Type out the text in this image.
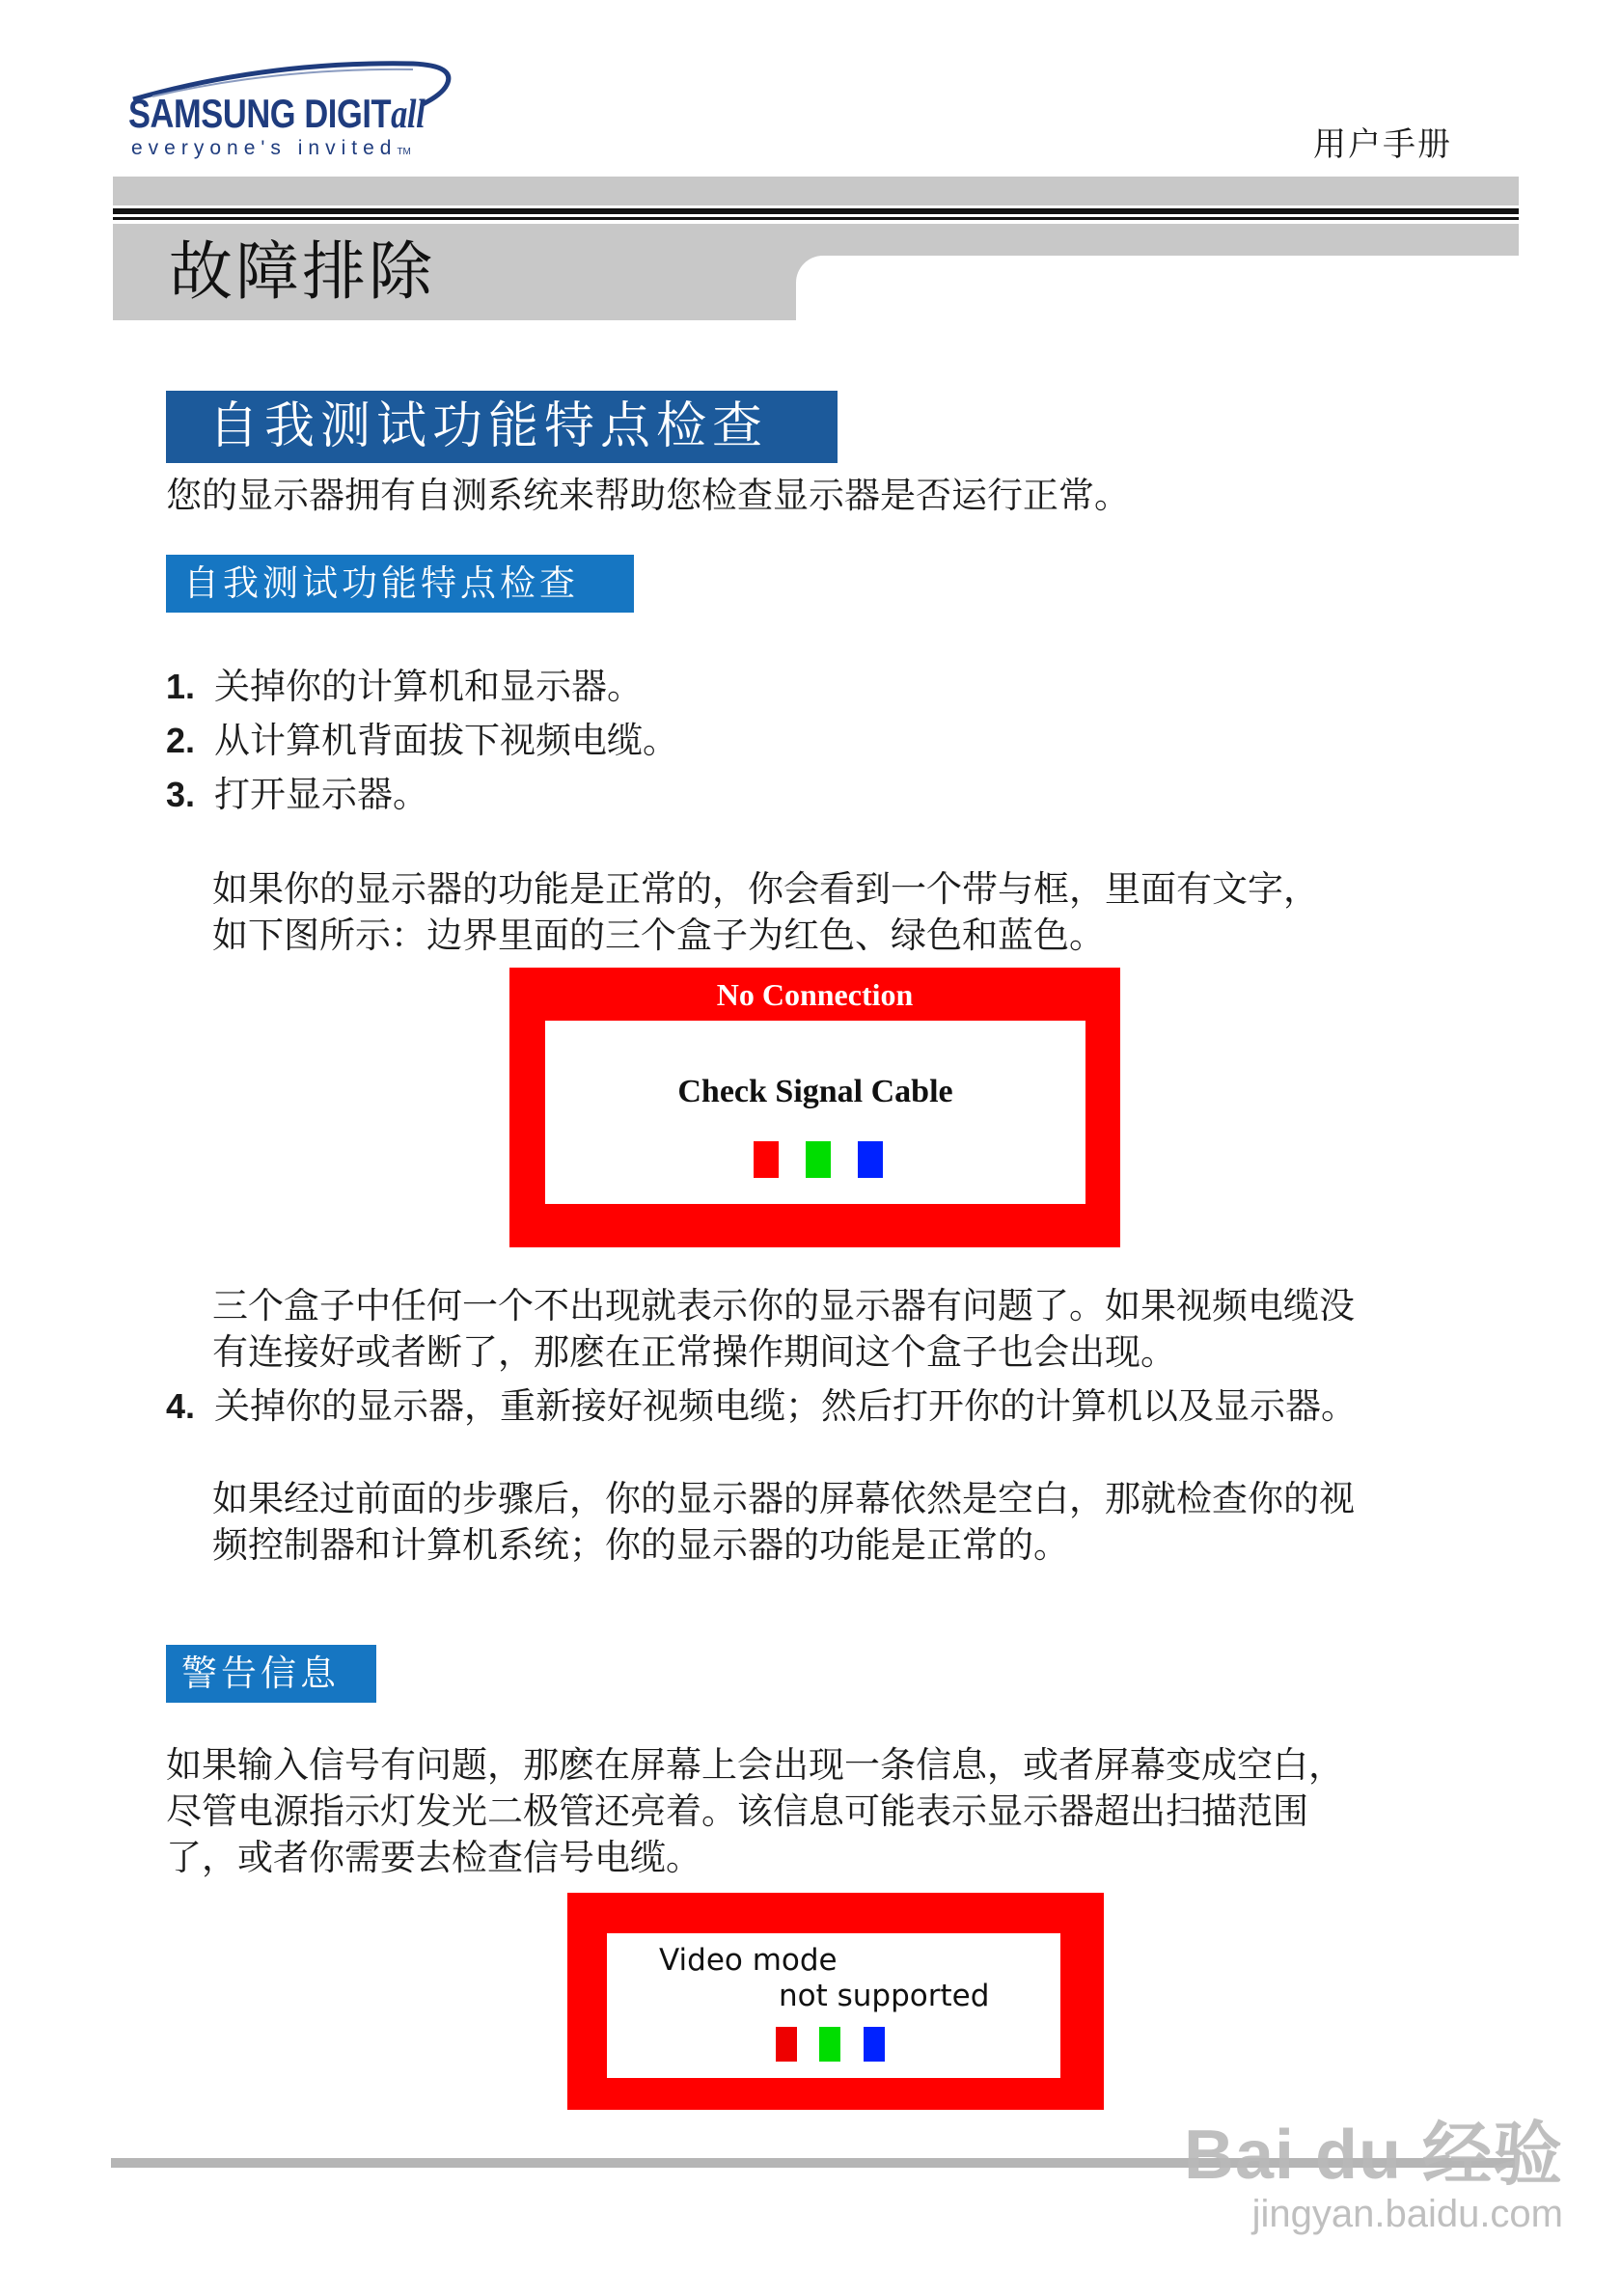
SAMSUNG DIGITall
everyone's invitedTM	用户手册
故障排除
自我测试功能特点检查
您的显示器拥有自测系统来帮助您检查显示器是否运行正常。
自我测试功能特点检查
1. 关掉你的计算机和显示器。
2. 从计算机背面拔下视频电缆。
3. 打开显示器。
如果你的显示器的功能是正常的，你会看到一个带与框，里面有文字，
如下图所示：边界里面的三个盒子为红色、绿色和蓝色。
No Connection
Check Signal Cable
三个盒子中任何一个不出现就表示你的显示器有问题了。如果视频电缆没
有连接好或者断了，那麽在正常操作期间这个盒子也会出现。
4. 关掉你的显示器，重新接好视频电缆；然后打开你的计算机以及显示器。
如果经过前面的步骤后，你的显示器的屏幕依然是空白，那就检查你的视
频控制器和计算机系统；你的显示器的功能是正常的。
警告信息
如果输入信号有问题，那麽在屏幕上会出现一条信息，或者屏幕变成空白，
尽管电源指示灯发光二极管还亮着。该信息可能表示显示器超出扫描范围
了，或者你需要去检查信号电缆。
Video mode
not supported
Bai du 经验
jingyan.baidu.com
